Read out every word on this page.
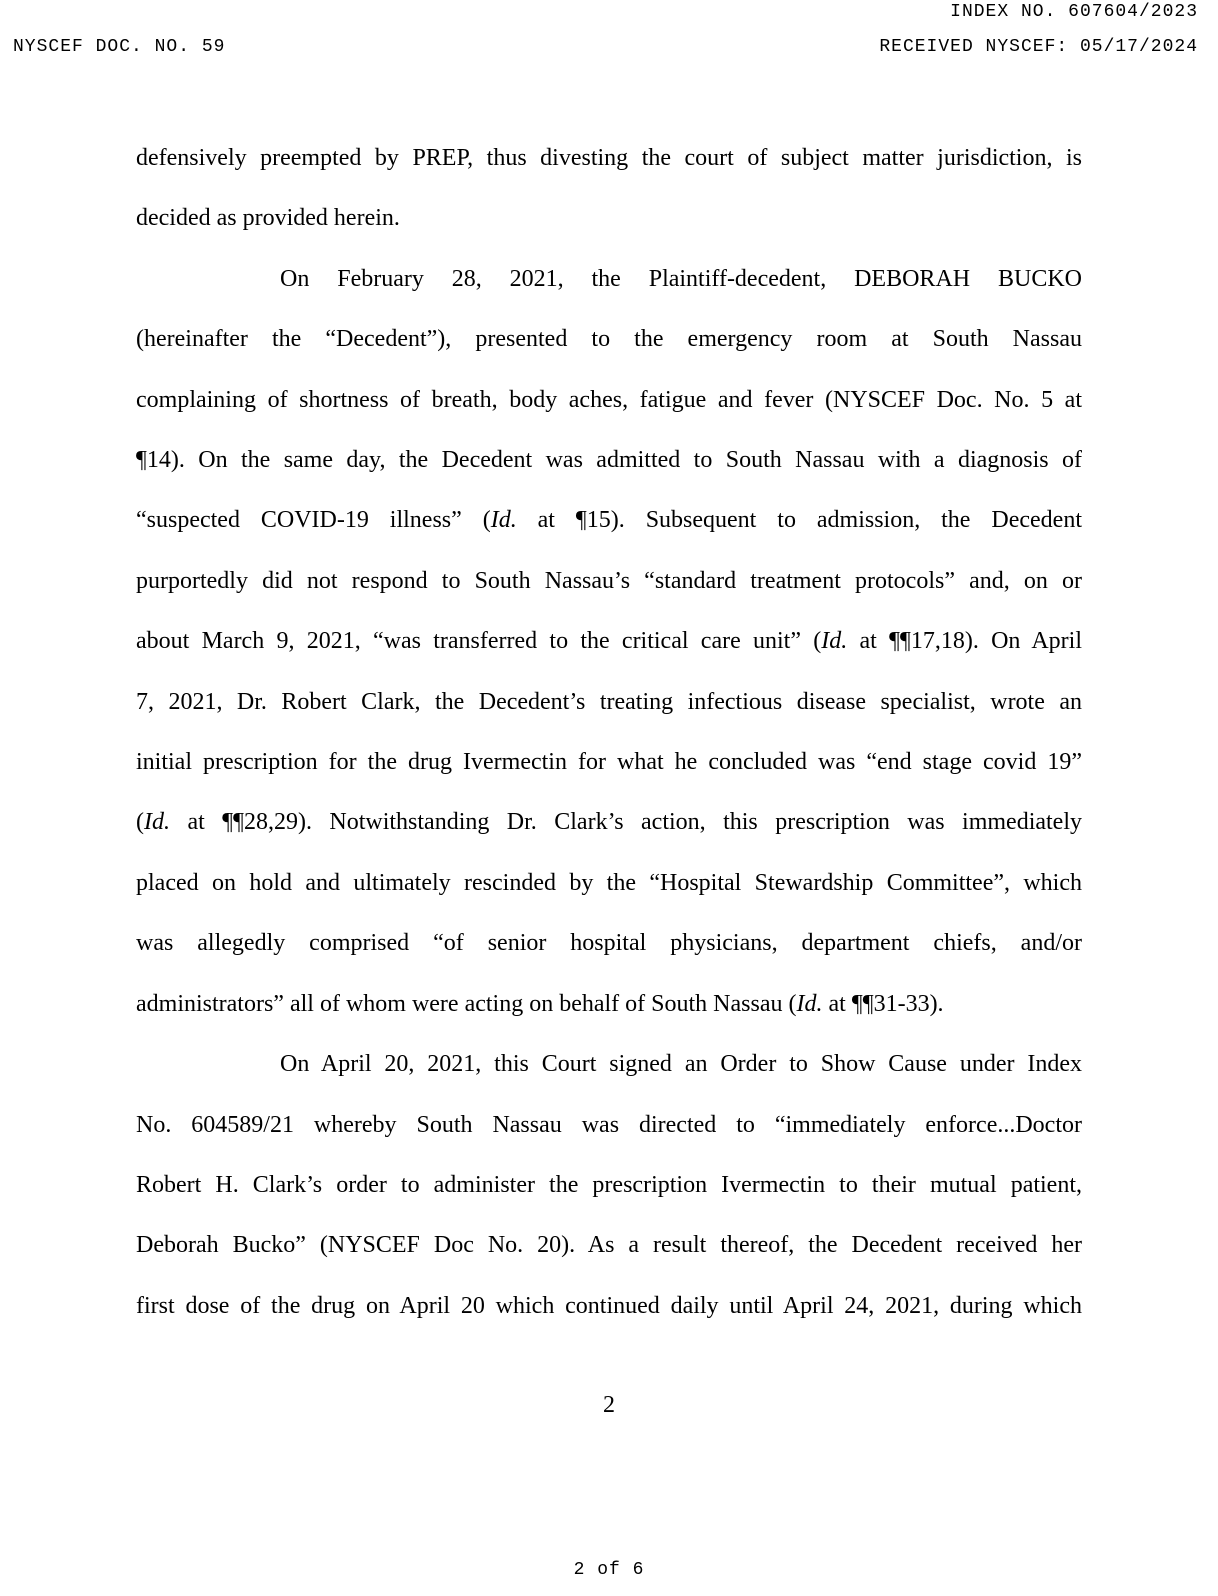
INDEX NO. 607604/2023
NYSCEF DOC. NO. 59	RECEIVED NYSCEF: 05/17/2024
defensively preempted by PREP, thus divesting the court of subject matter jurisdiction, is
decided as provided herein.
On February 28, 2021, the Plaintiff-decedent, DEBORAH BUCKO
(hereinafter the “Decedent”), presented to the emergency room at South Nassau
complaining of shortness of breath, body aches, fatigue and fever (NYSCEF Doc. No. 5 at
¶14). On the same day, the Decedent was admitted to South Nassau with a diagnosis of
“suspected COVID-19 illness” (Id. at ¶15). Subsequent to admission, the Decedent
purportedly did not respond to South Nassau’s “standard treatment protocols” and, on or
about March 9, 2021, “was transferred to the critical care unit” (Id. at ¶¶17,18). On April
7, 2021, Dr. Robert Clark, the Decedent’s treating infectious disease specialist, wrote an
initial prescription for the drug Ivermectin for what he concluded was “end stage covid 19”
(Id. at ¶¶28,29). Notwithstanding Dr. Clark’s action, this prescription was immediately
placed on hold and ultimately rescinded by the “Hospital Stewardship Committee”, which
was allegedly comprised “of senior hospital physicians, department chiefs, and/or
administrators” all of whom were acting on behalf of South Nassau (Id. at ¶¶31-33).
On April 20, 2021, this Court signed an Order to Show Cause under Index
No. 604589/21 whereby South Nassau was directed to “immediately enforce...Doctor
Robert H. Clark’s order to administer the prescription Ivermectin to their mutual patient,
Deborah Bucko” (NYSCEF Doc No. 20). As a result thereof, the Decedent received her
first dose of the drug on April 20 which continued daily until April 24, 2021, during which
2
2 of 6
